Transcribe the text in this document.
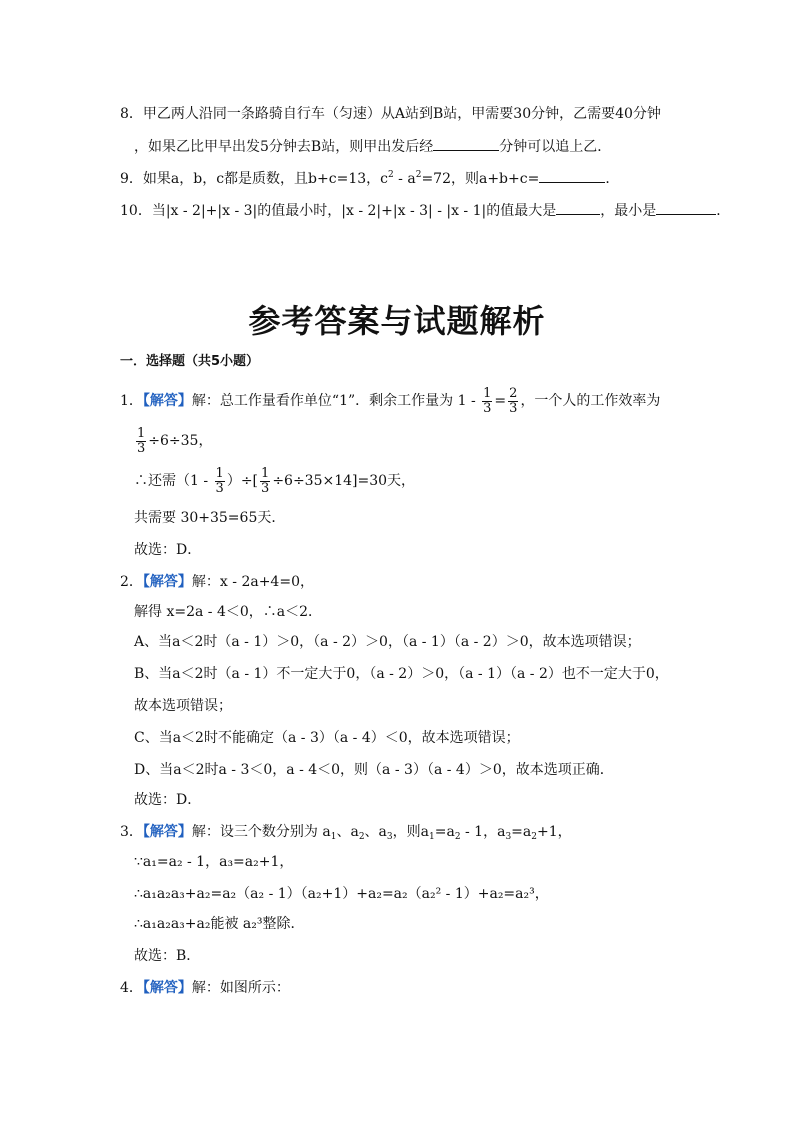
8．甲乙两人沿同一条路骑自行车（匀速）从A站到B站，甲需要30分钟，乙需要40分钟
，如果乙比甲早出发5分钟去B站，则甲出发后经	分钟可以追上乙．
9．如果a，b，c都是质数，且b+c=13，$c^2 - a^2=72$，则a+b+c=	．
10．当|x - 2|+|x - 3|的值最小时，|x - 2|+|x - 3| - |x - 1|的值最大是	，最小是	．
参考答案与试题解析
一．选择题（共5小题）
1．【解答】解：总工作量看作单位“1”．剩余工作量为 $1 - \frac{1}{3} = \frac{2}{3}$ ，一个人的工作效率为
$\frac{1}{3} \div 6\div 35$，
∴还需（$1 - \frac{1}{3}$ ）÷[ $\frac{1}{3} \div 6\div 35\times 14]=30$天，
共需要 30+35=65天．
故选：D．
2．【解答】解：x - 2a+4=0，
解得 x=2a - 4＜0，∴a＜2．
A、当a＜2时（a - 1）＞0，（a - 2）＞0，（a - 1）（a - 2）＞0，故本选项错误；
B、当a＜2时（a - 1）不一定大于0，（a - 2）＞0，（a - 1）（a - 2）也不一定大于0，
故本选项错误；
C、当a＜2时不能确定（a - 3）（a - 4）＜0，故本选项错误；
D、当a＜2时a - 3＜0，a - 4＜0，则（a - 3）（a - 4）＞0，故本选项正确．
故选：D．
3．【解答】解：设三个数分别为 $a_1$、$a_2$、$a_3$，则$a_1=a_2 - 1$，$a_3=a_2+1$，
∵a₁=a₂ - 1，a₃=a₂+1，
∴a₁a₂a₃+a₂=a₂（a₂ - 1）（a₂+1）+a₂=a₂（a₂² - 1）+a₂=a₂³，
∴a₁a₂a₃+a₂能被 a₂³整除．
故选：B．
4．【解答】解：如图所示：
